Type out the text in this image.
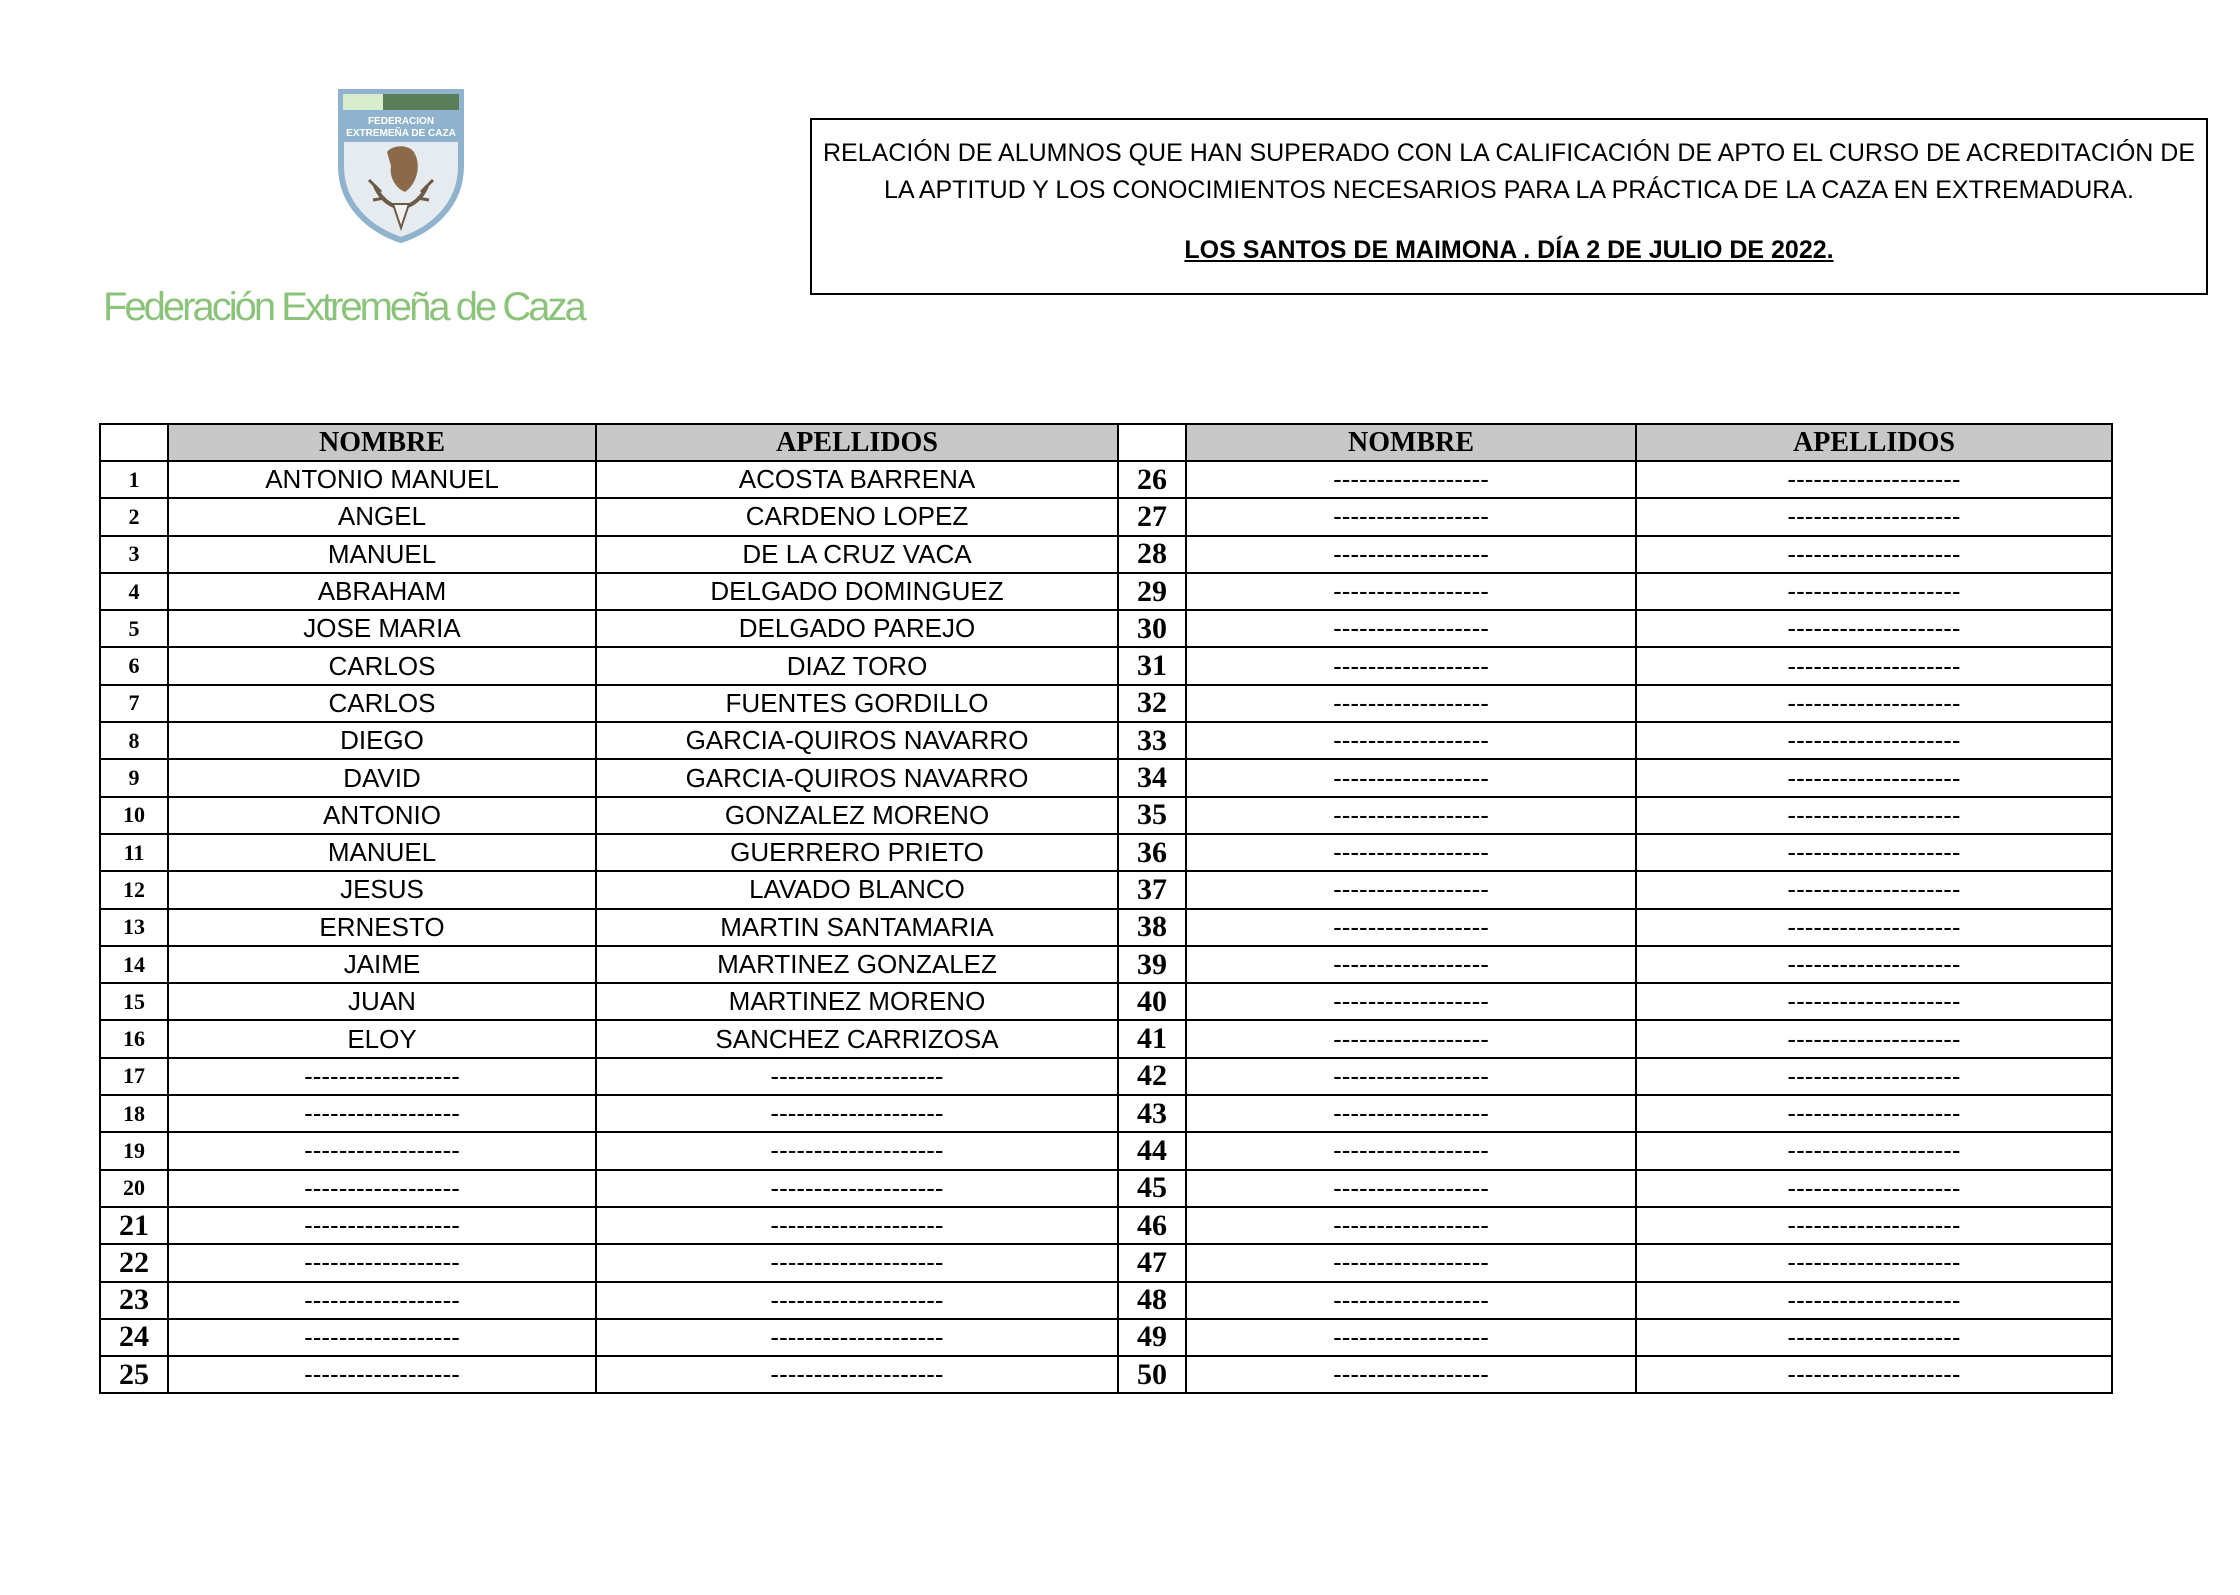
FEDERACION
EXTREMEÑA DE CAZA
Federación Extremeña de Caza
RELACIÓN DE ALUMNOS QUE HAN SUPERADO CON LA CALIFICACIÓN DE APTO EL CURSO DE ACREDITACIÓN DE LA APTITUD Y LOS CONOCIMIENTOS NECESARIOS PARA LA PRÁCTICA DE LA CAZA EN EXTREMADURA.
LOS SANTOS DE MAIMONA . DÍA 2 DE JULIO DE 2022.
	NOMBRE	APELLIDOS		NOMBRE	APELLIDOS
1	ANTONIO MANUEL	ACOSTA BARRENA	26	------------------	--------------------
2	ANGEL	CARDENO LOPEZ	27	------------------	--------------------
3	MANUEL	DE LA CRUZ VACA	28	------------------	--------------------
4	ABRAHAM	DELGADO DOMINGUEZ	29	------------------	--------------------
5	JOSE MARIA	DELGADO PAREJO	30	------------------	--------------------
6	CARLOS	DIAZ TORO	31	------------------	--------------------
7	CARLOS	FUENTES GORDILLO	32	------------------	--------------------
8	DIEGO	GARCIA-QUIROS NAVARRO	33	------------------	--------------------
9	DAVID	GARCIA-QUIROS NAVARRO	34	------------------	--------------------
10	ANTONIO	GONZALEZ MORENO	35	------------------	--------------------
11	MANUEL	GUERRERO PRIETO	36	------------------	--------------------
12	JESUS	LAVADO BLANCO	37	------------------	--------------------
13	ERNESTO	MARTIN SANTAMARIA	38	------------------	--------------------
14	JAIME	MARTINEZ GONZALEZ	39	------------------	--------------------
15	JUAN	MARTINEZ MORENO	40	------------------	--------------------
16	ELOY	SANCHEZ CARRIZOSA	41	------------------	--------------------
17	------------------	--------------------	42	------------------	--------------------
18	------------------	--------------------	43	------------------	--------------------
19	------------------	--------------------	44	------------------	--------------------
20	------------------	--------------------	45	------------------	--------------------
21	------------------	--------------------	46	------------------	--------------------
22	------------------	--------------------	47	------------------	--------------------
23	------------------	--------------------	48	------------------	--------------------
24	------------------	--------------------	49	------------------	--------------------
25	------------------	--------------------	50	------------------	--------------------
